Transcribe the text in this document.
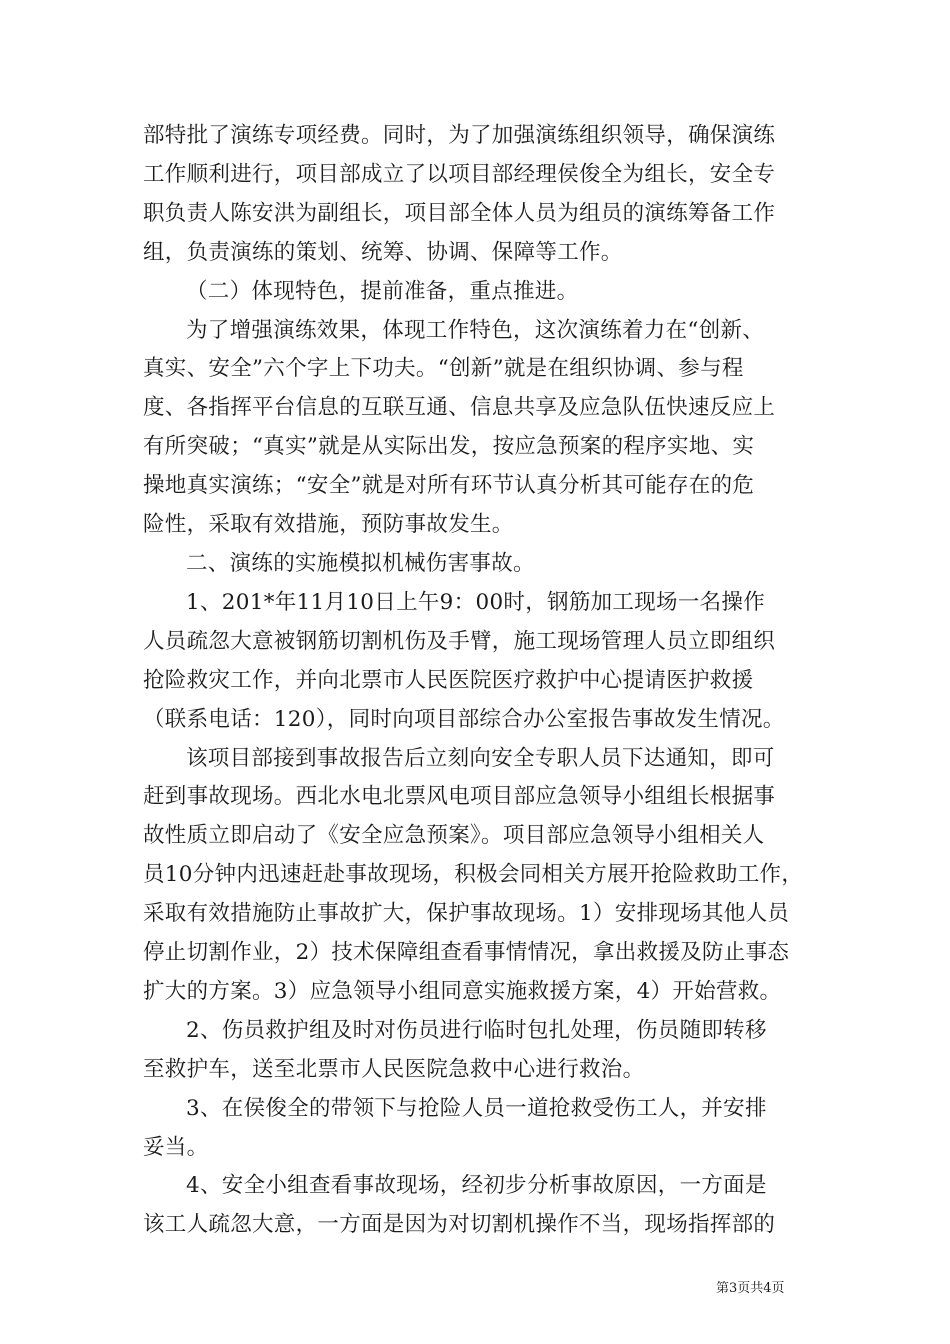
部特批了演练专项经费。同时，为了加强演练组织领导，确保演练
工作顺利进行，项目部成立了以项目部经理侯俊全为组长，安全专
职负责人陈安洪为副组长，项目部全体人员为组员的演练筹备工作
组，负责演练的策划、统筹、协调、保障等工作。

（二）体现特色，提前准备，重点推进。

为了增强演练效果，体现工作特色，这次演练着力在“创新、
真实、安全”六个字上下功夫。“创新”就是在组织协调、参与程
度、各指挥平台信息的互联互通、信息共享及应急队伍快速反应上
有所突破；“真实”就是从实际出发，按应急预案的程序实地、实
操地真实演练；“安全”就是对所有环节认真分析其可能存在的危
险性，采取有效措施，预防事故发生。

二、演练的实施模拟机械伤害事故。

1、201*年11月10日上午9：00时，钢筋加工现场一名操作
人员疏忽大意被钢筋切割机伤及手臂，施工现场管理人员立即组织
抢险救灾工作，并向北票市人民医院医疗救护中心提请医护救援
（联系电话：120），同时向项目部综合办公室报告事故发生情况。

该项目部接到事故报告后立刻向安全专职人员下达通知，即可
赶到事故现场。西北水电北票风电项目部应急领导小组组长根据事
故性质立即启动了《安全应急预案》。项目部应急领导小组相关人
员10分钟内迅速赶赴事故现场，积极会同相关方展开抢险救助工作，
采取有效措施防止事故扩大，保护事故现场。1）安排现场其他人员
停止切割作业，2）技术保障组查看事情情况，拿出救援及防止事态
扩大的方案。3）应急领导小组同意实施救援方案，4）开始营救。

2、伤员救护组及时对伤员进行临时包扎处理，伤员随即转移
至救护车，送至北票市人民医院急救中心进行救治。

3、在侯俊全的带领下与抢险人员一道抢救受伤工人，并安排
妥当。

4、安全小组查看事故现场，经初步分析事故原因，一方面是
该工人疏忽大意，一方面是因为对切割机操作不当，现场指挥部的

第3页共4页
